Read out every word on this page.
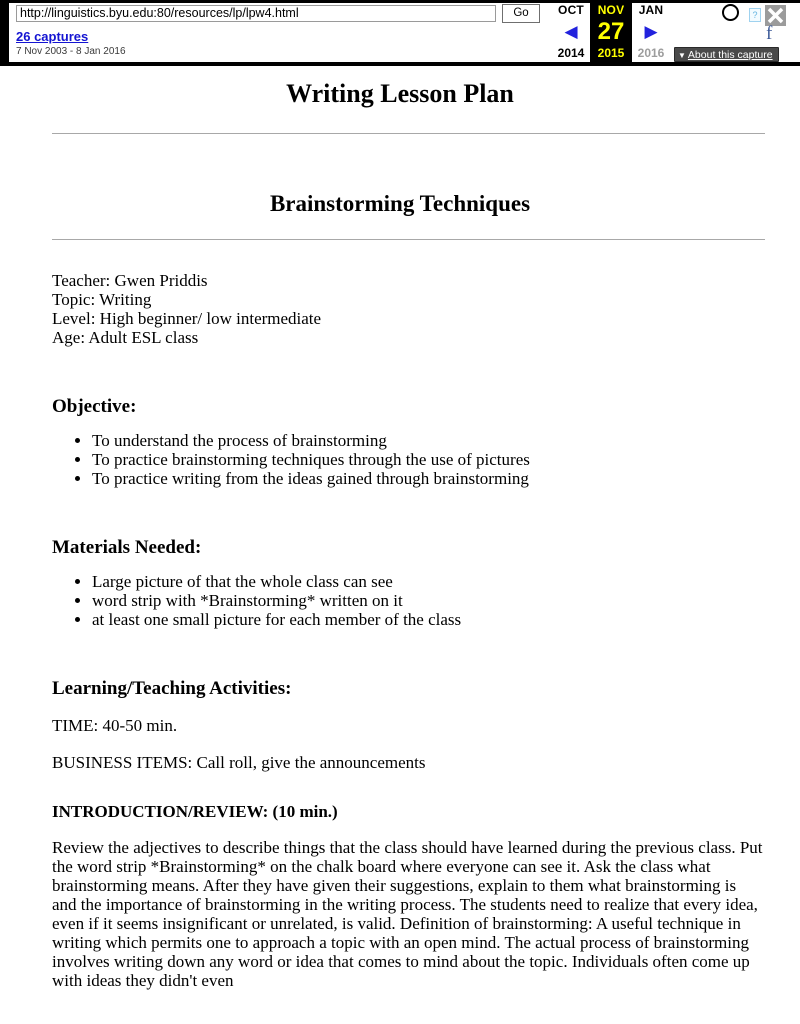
http://linguistics.byu.edu:80/resources/lp/lpw4.html
Go
26 captures
7 Nov 2003 - 8 Jan 2016
OCT
◀
2014
NOV
27
2015
JAN
▶
2016
?
f
▼ About this capture
Writing Lesson Plan
Brainstorming Techniques
Teacher: Gwen Priddis
Topic: Writing
Level: High beginner/ low intermediate
Age: Adult ESL class
Objective:
• To understand the process of brainstorming
• To practice brainstorming techniques through the use of pictures
• To practice writing from the ideas gained through brainstorming
Materials Needed:
• Large picture of that the whole class can see
• word strip with *Brainstorming* written on it
• at least one small picture for each member of the class
Learning/Teaching Activities:

TIME: 40-50 min.

BUSINESS ITEMS: Call roll, give the announcements

INTRODUCTION/REVIEW: (10 min.)

Review the adjectives to describe things that the class should have learned during the previous class. Put the word strip *Brainstorming* on the chalk board where everyone can see it. Ask the class what brainstorming means. After they have given their suggestions, explain to them what brainstorming is and the importance of brainstorming in the writing process. The students need to realize that every idea, even if it seems insignificant or unrelated, is valid. Definition of brainstorming: A useful technique in writing which permits one to approach a topic with an open mind. The actual process of brainstorming involves writing down any word or idea that comes to mind about the topic. Individuals often come up with ideas they didn't even
